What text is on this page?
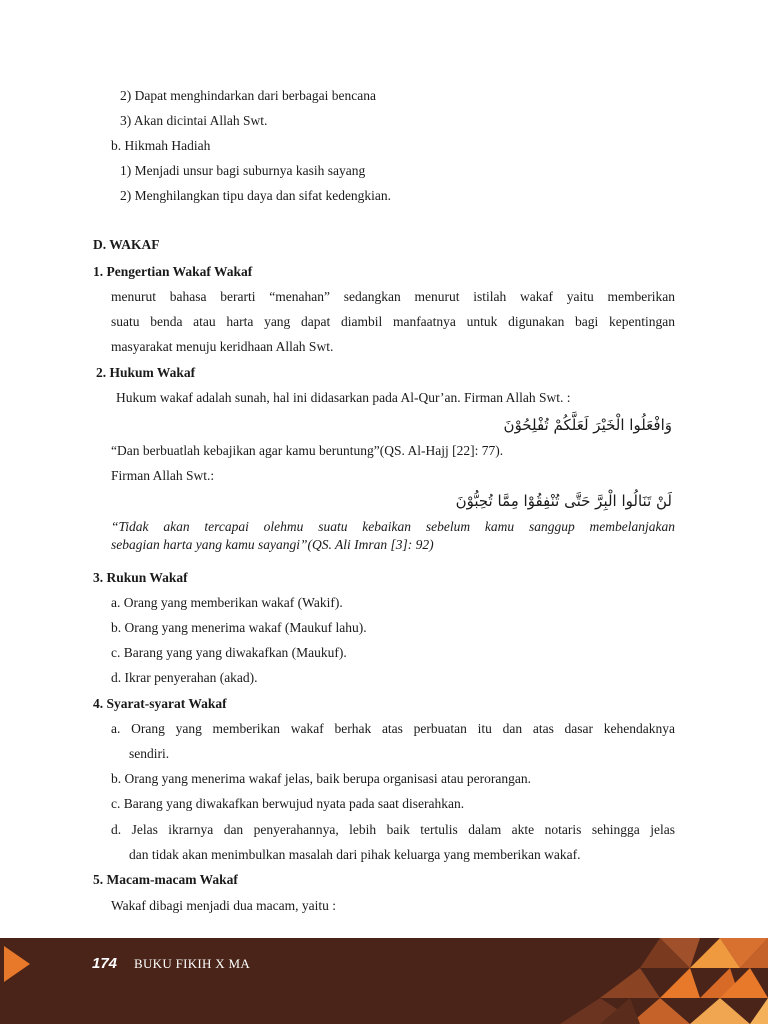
2) Dapat menghindarkan dari berbagai bencana
3) Akan dicintai Allah Swt.
b. Hikmah Hadiah
1) Menjadi unsur bagi suburnya kasih sayang
2) Menghilangkan tipu daya dan sifat kedengkian.
D. WAKAF
1. Pengertian Wakaf Wakaf
menurut bahasa berarti “menahan” sedangkan menurut istilah wakaf yaitu memberikan
suatu benda atau harta yang dapat diambil manfaatnya untuk digunakan bagi kepentingan
masyarakat menuju keridhaan Allah Swt.
2. Hukum Wakaf
Hukum wakaf adalah sunah, hal ini didasarkan pada Al-Qur’an. Firman Allah Swt. :
وَافْعَلُوا الْخَيْرَ لَعَلَّكُمْ تُفْلِحُوْنَ
“Dan berbuatlah kebajikan agar kamu beruntung”(QS. Al-Hajj [22]: 77).
Firman Allah Swt.:
لَنْ تَنَالُوا الْبِرَّ حَتَّى تُنْفِقُوْا مِمَّا تُحِبُّوْنَ
“Tidak akan tercapai olehmu suatu kebaikan sebelum kamu sanggup membelanjakan
sebagian harta yang kamu sayangi”(QS. Ali Imran [3]: 92)
3. Rukun Wakaf
a. Orang yang memberikan wakaf (Wakif).
b. Orang yang menerima wakaf (Maukuf lahu).
c. Barang yang yang diwakafkan (Maukuf).
d. Ikrar penyerahan (akad).
4. Syarat-syarat Wakaf
a. Orang yang memberikan wakaf berhak atas perbuatan itu dan atas dasar kehendaknya
sendiri.
b. Orang yang menerima wakaf jelas, baik berupa organisasi atau perorangan.
c. Barang yang diwakafkan berwujud nyata pada saat diserahkan.
d. Jelas ikrarnya dan penyerahannya, lebih baik tertulis dalam akte notaris sehingga jelas
dan tidak akan menimbulkan masalah dari pihak keluarga yang memberikan wakaf.
5. Macam-macam Wakaf
Wakaf dibagi menjadi dua macam, yaitu :
174 BUKU FIKIH X MA
